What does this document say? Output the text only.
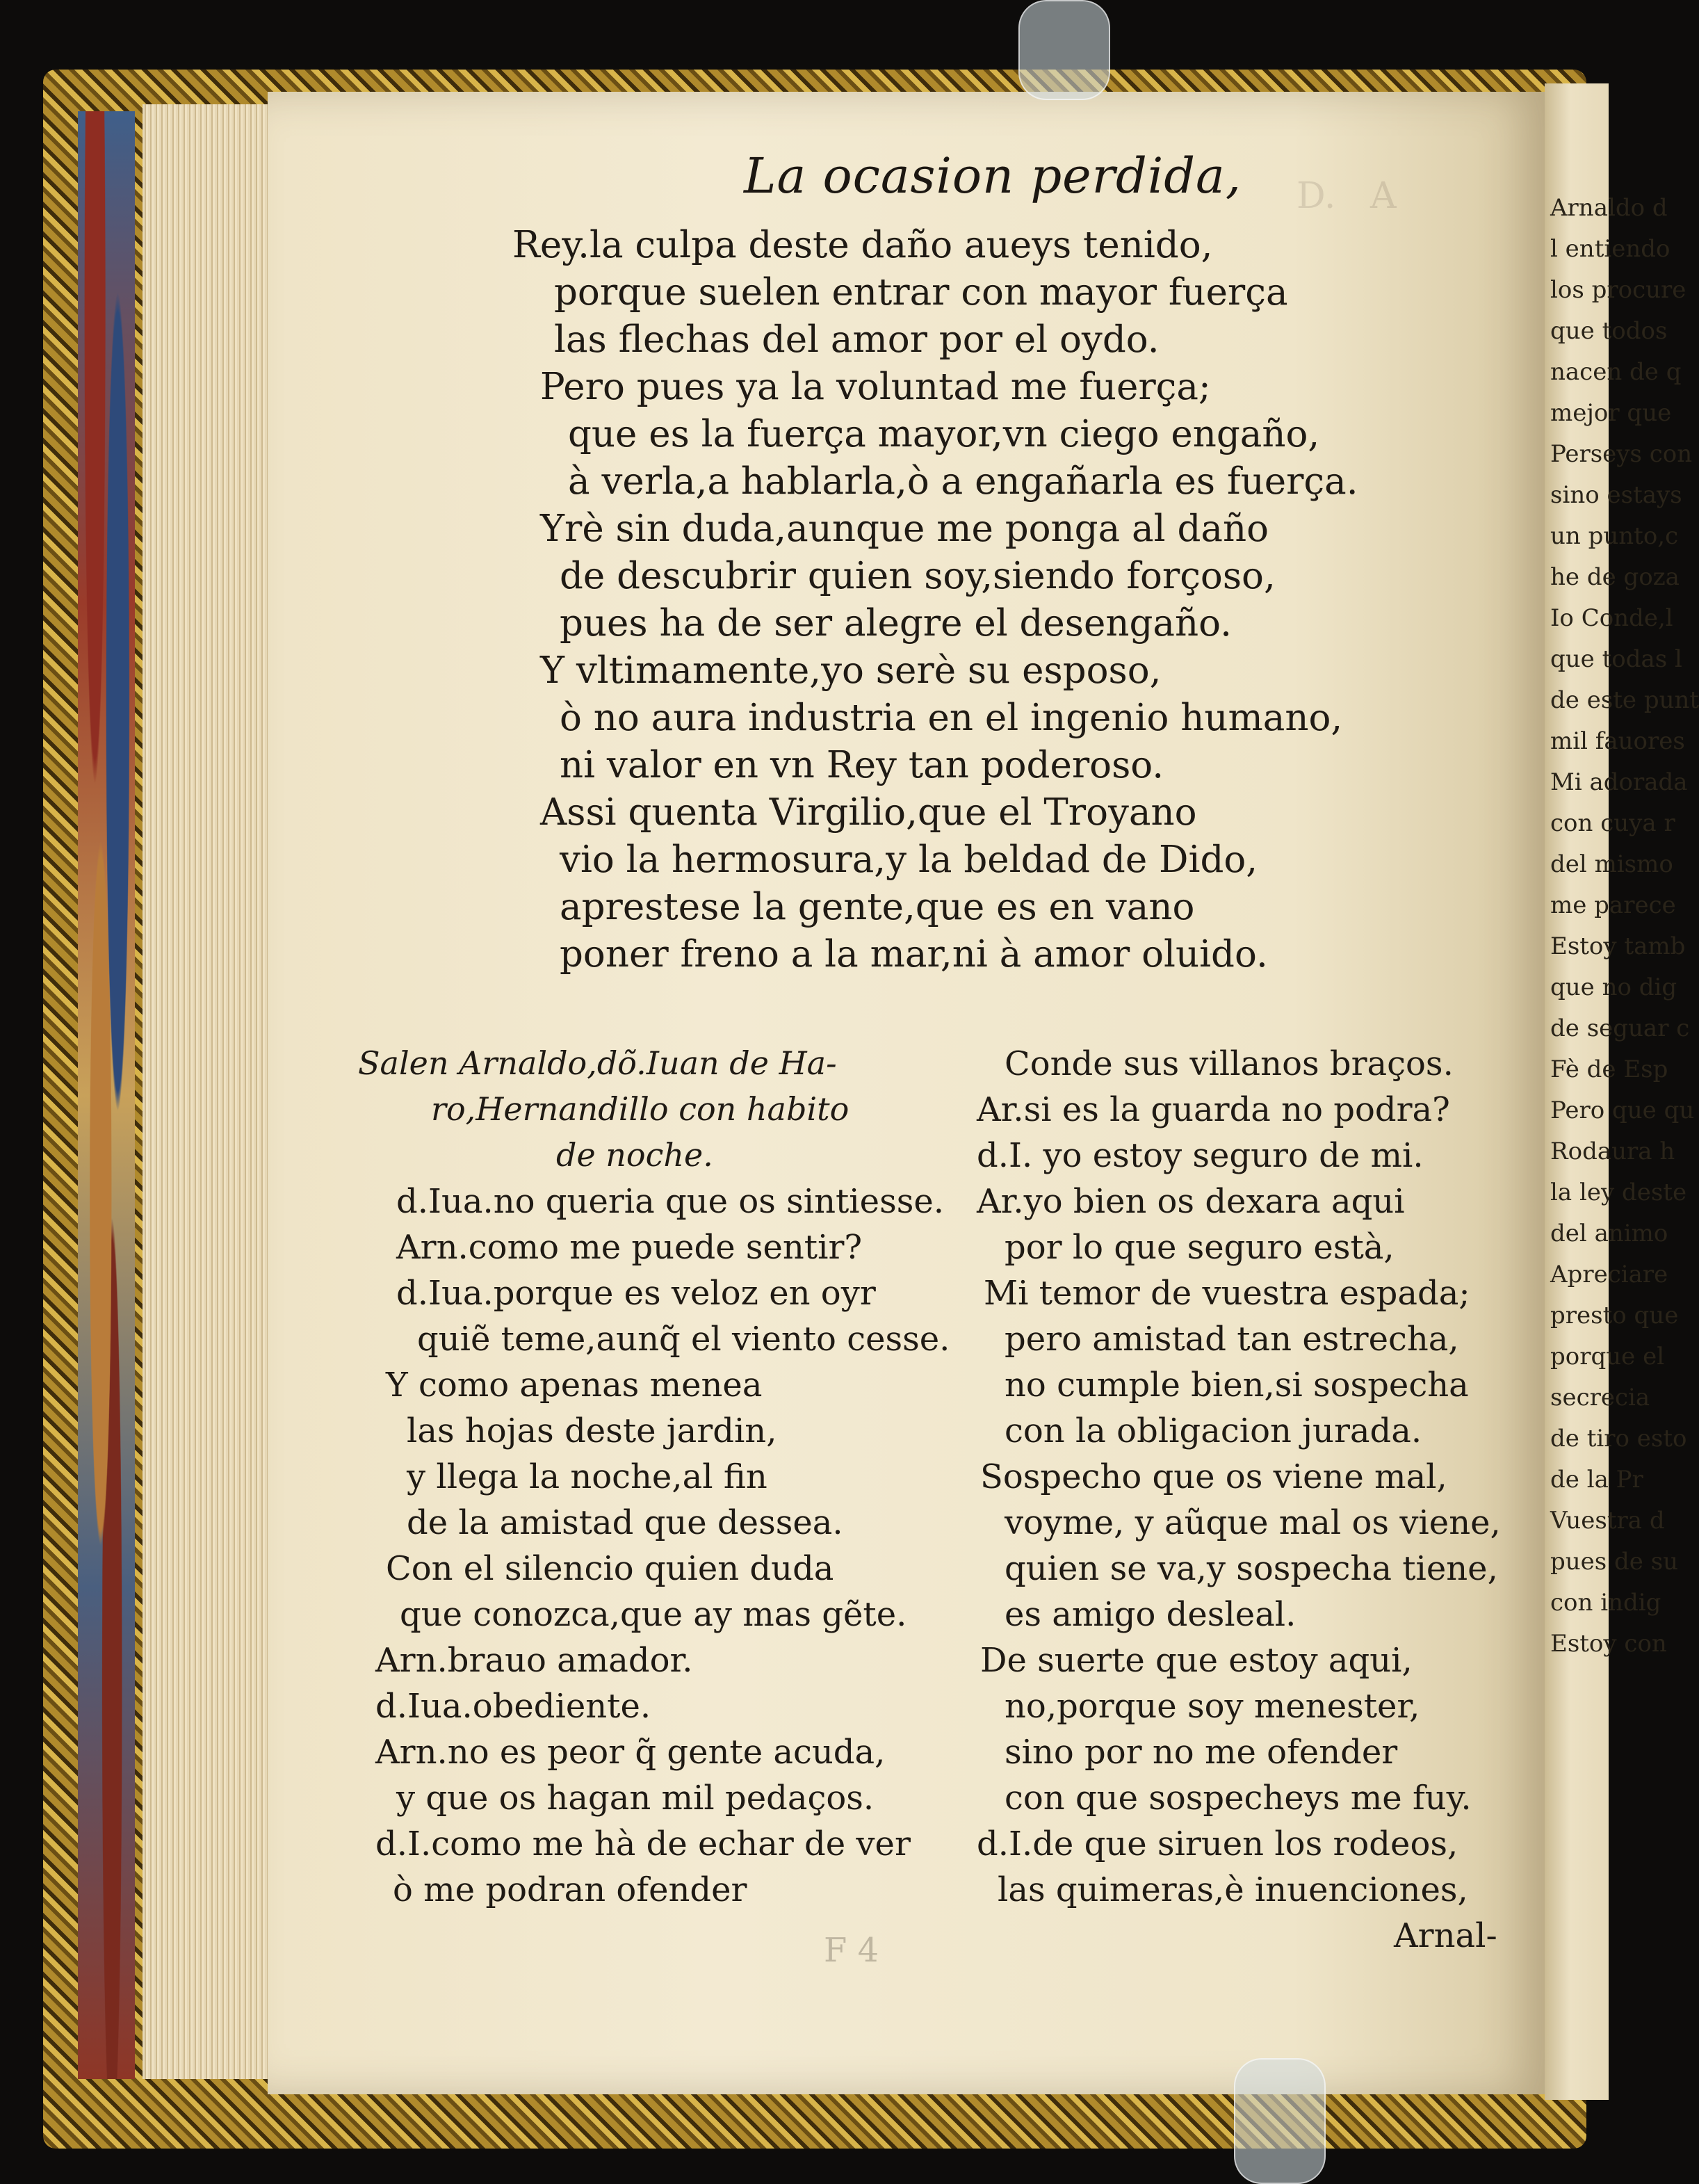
D.   A
La ocasion perdida,
Rey.la culpa deste daño aueys tenido,
porque suelen entrar con mayor fuerça
las flechas del amor por el oydo.
Pero pues ya la voluntad me fuerça;
que es la fuerça mayor,vn ciego engaño,
à verla,a hablarla,ò a engañarla es fuerça.
Yrè sin duda,aunque me ponga al daño
de descubrir quien soy,siendo forçoso,
pues ha de ser alegre el desengaño.
Y vltimamente,yo serè su esposo,
ò no aura industria en el ingenio humano,
ni valor en vn Rey tan poderoso.
Assi quenta Virgilio,que el Troyano
vio la hermosura,y la beldad de Dido,
aprestese la gente,que es en vano
poner freno a la mar,ni à amor oluido.
Salen Arnaldo,dõ.Iuan de Ha-
ro,Hernandillo con habito
de noche.
d.Iua.no queria que os sintiesse.
Arn.como me puede sentir?
d.Iua.porque es veloz en oyr
quiẽ teme,aunq̃ el viento cesse.
Y como apenas menea
las hojas deste jardin,
y llega la noche,al fin
de la amistad que dessea.
Con el silencio quien duda
que conozca,que ay mas gẽte.
Arn.brauo amador.
d.Iua.obediente.
Arn.no es peor q̃ gente acuda,
y que os hagan mil pedaços.
d.I.como me hà de echar de ver
ò me podran ofender
Conde sus villanos braços.
Ar.si es la guarda no podra?
d.I. yo estoy seguro de mi.
Ar.yo bien os dexara aqui
por lo que seguro està,
Mi temor de vuestra espada;
pero amistad tan estrecha,
no cumple bien,si sospecha
con la obligacion jurada.
Sospecho que os viene mal,
voyme, y aũque mal os viene,
quien se va,y sospecha tiene,
es amigo desleal.
De suerte que estoy aqui,
no,porque soy menester,
sino por no me ofender
con que sospecheys me fuy.
d.I.de que siruen los rodeos,
las quimeras,è inuenciones,
Arnal-
F 4
Arnaldo d
l entiendo
los procure
que todos
nacen de q
mejor que
Perseys con
sino estays
un punto,c
he de goza
Io Conde,l
que todas l
de este punt
mil fauores
Mi adorada
con cuya r
del mismo
me parece
Estoy tamb
que no dig
de seguar c
Fè de Esp
Pero que qu
Rodaura h
la ley deste
del animo
Apreciare
presto que
porque el
secrecia
de tiro esto
de la Pr
Vuestra d
pues de su
con indig
Estoy con
